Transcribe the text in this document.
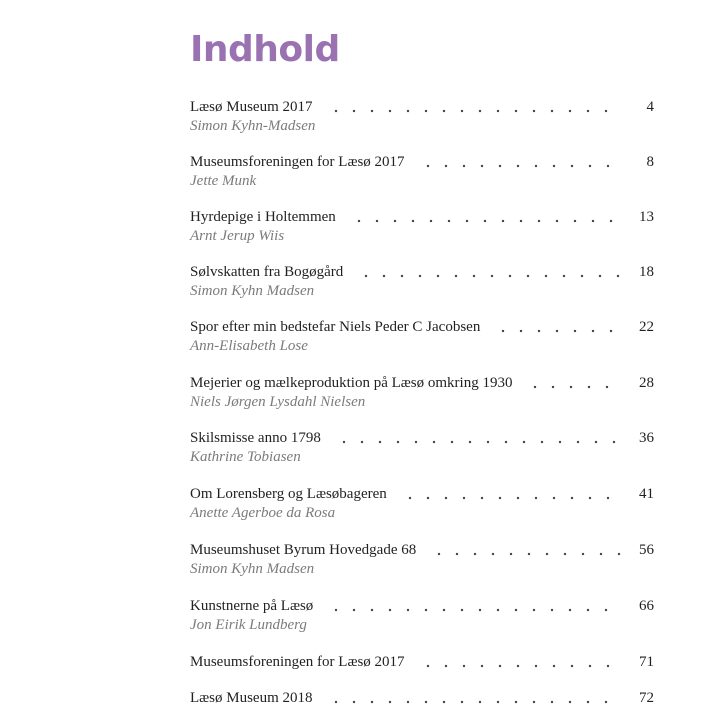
Indhold
Læsø Museum 2017	4
Simon Kyhn-Madsen
Museumsforeningen for Læsø 2017	8
Jette Munk
Hyrdepige i Holtemmen	13
Arnt Jerup Wiis
Sølvskatten fra Bogøgård	18
Simon Kyhn Madsen
Spor efter min bedstefar Niels Peder C Jacobsen	22
Ann-Elisabeth Lose
Mejerier og mælkeproduktion på Læsø omkring 1930	28
Niels Jørgen Lysdahl Nielsen
Skilsmisse anno 1798	36
Kathrine Tobiasen
Om Lorensberg og Læsøbageren	41
Anette Agerboe da Rosa
Museumshuset Byrum Hovedgade 68	56
Simon Kyhn Madsen
Kunstnerne på Læsø	66
Jon Eirik Lundberg
Museumsforeningen for Læsø 2017	71
Læsø Museum 2018	72
